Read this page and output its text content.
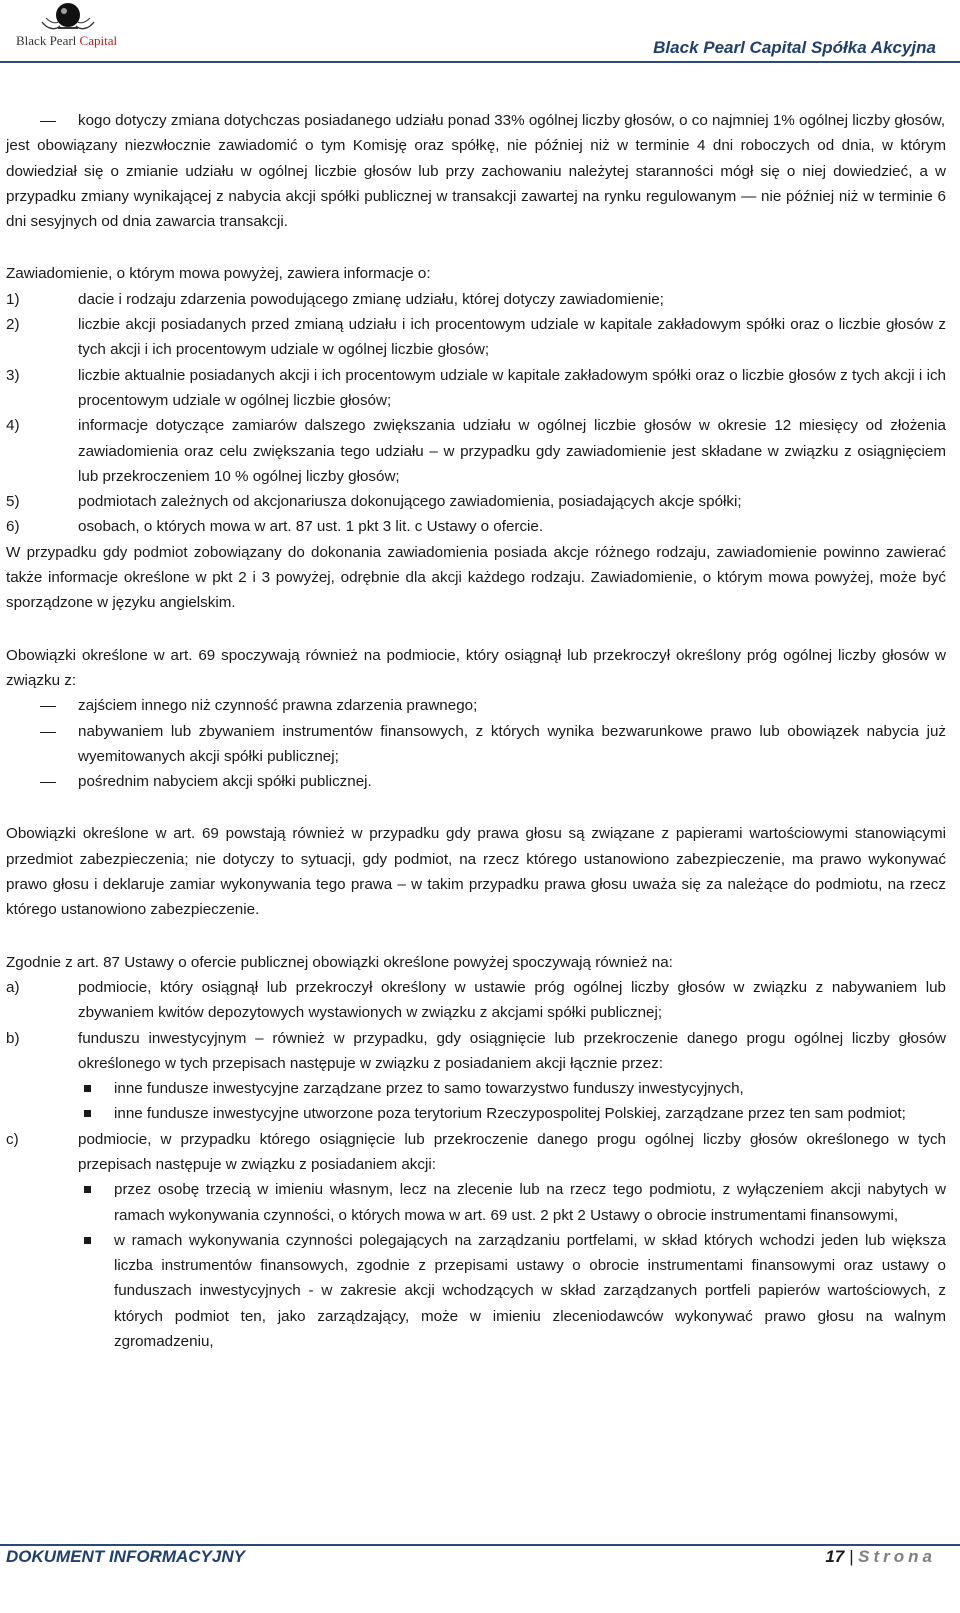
Black Pearl Capital	Black Pearl Capital Spółka Akcyjna
kogo dotyczy zmiana dotychczas posiadanego udziału ponad 33% ogólnej liczby głosów, o co najmniej 1% ogólnej liczby głosów,

jest obowiązany niezwłocznie zawiadomić o tym Komisję oraz spółkę, nie później niż w terminie 4 dni roboczych od dnia, w którym dowiedział się o zmianie udziału w ogólnej liczbie głosów lub przy zachowaniu należytej staranności mógł się o niej dowiedzieć, a w przypadku zmiany wynikającej z nabycia akcji spółki publicznej w transakcji zawartej na rynku regulowanym — nie później niż w terminie 6 dni sesyjnych od dnia zawarcia transakcji.

Zawiadomienie, o którym mowa powyżej, zawiera informacje o:

1)	dacie i rodzaju zdarzenia powodującego zmianę udziału, której dotyczy zawiadomienie;
2)	liczbie akcji posiadanych przed zmianą udziału i ich procentowym udziale w kapitale zakładowym spółki oraz o liczbie głosów z tych akcji i ich procentowym udziale w ogólnej liczbie głosów;
3)	liczbie aktualnie posiadanych akcji i ich procentowym udziale w kapitale zakładowym spółki oraz o liczbie głosów z tych akcji i ich procentowym udziale w ogólnej liczbie głosów;
4)	informacje dotyczące zamiarów dalszego zwiększania udziału w ogólnej liczbie głosów w okresie 12 miesięcy od złożenia zawiadomienia oraz celu zwiększania tego udziału – w przypadku gdy zawiadomienie jest składane w związku z osiągnięciem lub przekroczeniem 10 % ogólnej liczby głosów;
5)	podmiotach zależnych od akcjonariusza dokonującego zawiadomienia, posiadających akcje spółki;
6)	osobach, o których mowa w art. 87 ust. 1 pkt 3 lit. c Ustawy o ofercie.

W przypadku gdy podmiot zobowiązany do dokonania zawiadomienia posiada akcje różnego rodzaju, zawiadomienie powinno zawierać także informacje określone w pkt 2 i 3 powyżej, odrębnie dla akcji każdego rodzaju. Zawiadomienie, o którym mowa powyżej, może być sporządzone w języku angielskim.

Obowiązki określone w art. 69 spoczywają również na podmiocie, który osiągnął lub przekroczył określony próg ogólnej liczby głosów w związku z:

zajściem innego niż czynność prawna zdarzenia prawnego;
nabywaniem lub zbywaniem instrumentów finansowych, z których wynika bezwarunkowe prawo lub obowiązek nabycia już wyemitowanych akcji spółki publicznej;
pośrednim nabyciem akcji spółki publicznej.

Obowiązki określone w art. 69 powstają również w przypadku gdy prawa głosu są związane z papierami wartościowymi stanowiącymi przedmiot zabezpieczenia; nie dotyczy to sytuacji, gdy podmiot, na rzecz którego ustanowiono zabezpieczenie, ma prawo wykonywać prawo głosu i deklaruje zamiar wykonywania tego prawa – w takim przypadku prawa głosu uważa się za należące do podmiotu, na rzecz którego ustanowiono zabezpieczenie.

Zgodnie z art. 87 Ustawy o ofercie publicznej obowiązki określone powyżej spoczywają również na:

a)	podmiocie, który osiągnął lub przekroczył określony w ustawie próg ogólnej liczby głosów w związku z nabywaniem lub zbywaniem kwitów depozytowych wystawionych w związku z akcjami spółki publicznej;
b)	funduszu inwestycyjnym – również w przypadku, gdy osiągnięcie lub przekroczenie danego progu ogólnej liczby głosów określonego w tych przepisach następuje w związku z posiadaniem akcji łącznie przez:
inne fundusze inwestycyjne zarządzane przez to samo towarzystwo funduszy inwestycyjnych,
inne fundusze inwestycyjne utworzone poza terytorium Rzeczypospolitej Polskiej, zarządzane przez ten sam podmiot;
c)	podmiocie, w przypadku którego osiągnięcie lub przekroczenie danego progu ogólnej liczby głosów określonego w tych przepisach następuje w związku z posiadaniem akcji:
przez osobę trzecią w imieniu własnym, lecz na zlecenie lub na rzecz tego podmiotu, z wyłączeniem akcji nabytych w ramach wykonywania czynności, o których mowa w art. 69 ust. 2 pkt 2 Ustawy o obrocie instrumentami finansowymi,
w ramach wykonywania czynności polegających na zarządzaniu portfelami, w skład których wchodzi jeden lub większa liczba instrumentów finansowych, zgodnie z przepisami ustawy o obrocie instrumentami finansowymi oraz ustawy o funduszach inwestycyjnych - w zakresie akcji wchodzących w skład zarządzanych portfeli papierów wartościowych, z których podmiot ten, jako zarządzający, może w imieniu zleceniodawców wykonywać prawo głosu na walnym zgromadzeniu,
DOKUMENT INFORMACYJNY	17 | Strona
